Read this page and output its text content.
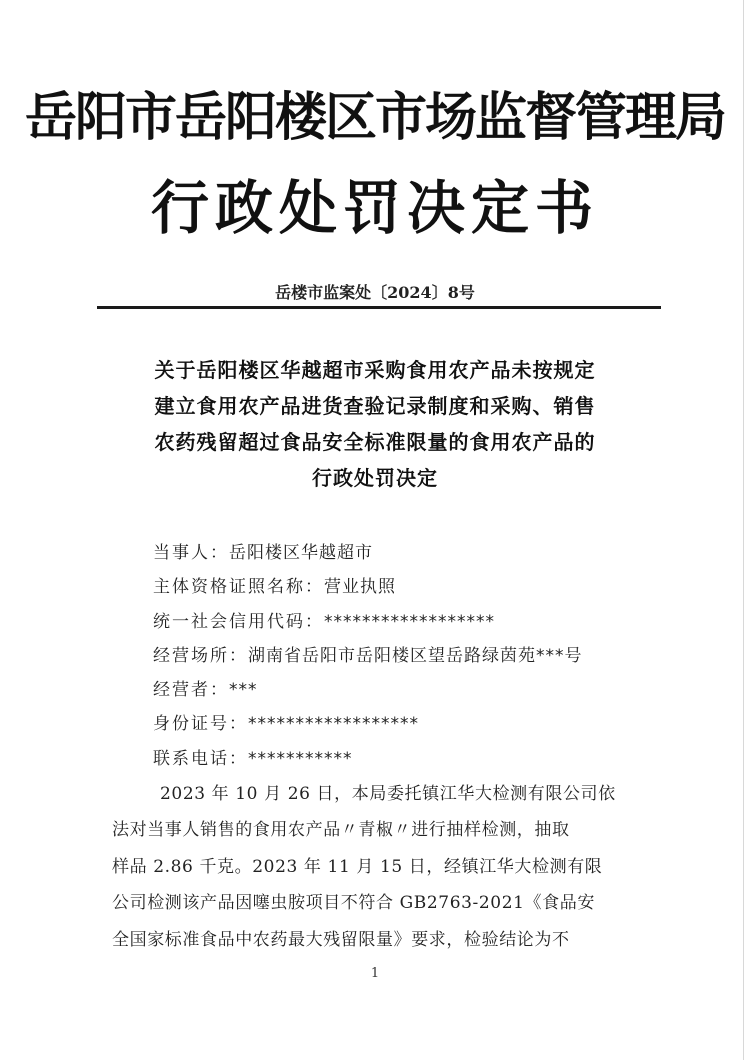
岳阳市岳阳楼区市场监督管理局
行政处罚决定书
岳楼市监案处〔2024〕8号
关于岳阳楼区华越超市采购食用农产品未按规定
建立食用农产品进货查验记录制度和采购、销售
农药残留超过食品安全标准限量的食用农产品的
行政处罚决定
当事人：岳阳楼区华越超市
主体资格证照名称：营业执照
统一社会信用代码：******************
经营场所：湖南省岳阳市岳阳楼区望岳路绿茵苑***号
经营者：***
身份证号：******************
联系电话：***********
2023 年 10 月 26 日，本局委托镇江华大检测有限公司依
法对当事人销售的食用农产品〃青椒〃进行抽样检测，抽取
样品 2.86 千克。2023 年 11 月 15 日，经镇江华大检测有限
公司检测该产品因噻虫胺项目不符合 GB2763-2021《食品安
全国家标准食品中农药最大残留限量》要求，检验结论为不
1
